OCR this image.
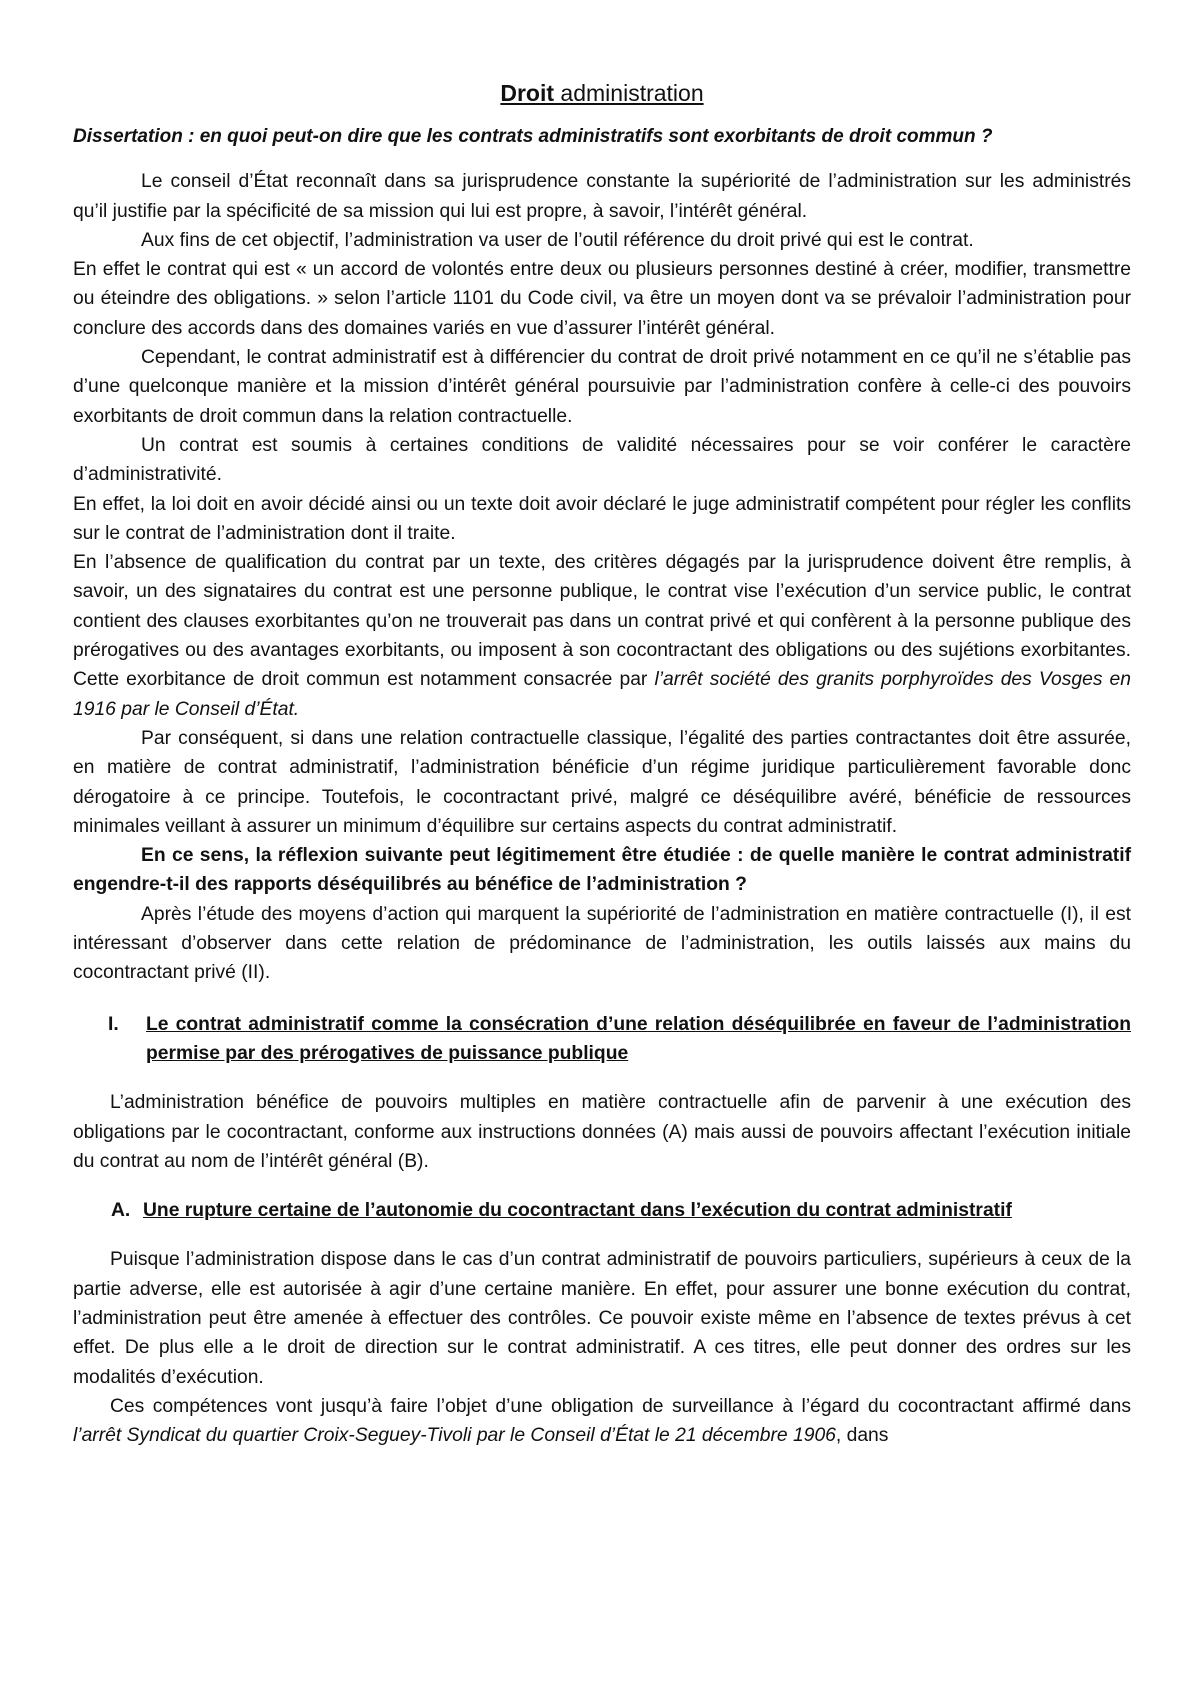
Droit administration

Dissertation : en quoi peut-on dire que les contrats administratifs sont exorbitants de droit commun ?

Le conseil d’État reconnaît dans sa jurisprudence constante la supériorité de l’administration sur les administrés qu’il justifie par la spécificité de sa mission qui lui est propre, à savoir, l’intérêt général.

Aux fins de cet objectif, l’administration va user de l’outil référence du droit privé qui est le contrat.

En effet le contrat qui est « un accord de volontés entre deux ou plusieurs personnes destiné à créer, modifier, transmettre ou éteindre des obligations. » selon l’article 1101 du Code civil, va être un moyen dont va se prévaloir l’administration pour conclure des accords dans des domaines variés en vue d’assurer l’intérêt général.

Cependant, le contrat administratif est à différencier du contrat de droit privé notamment en ce qu’il ne s’établie pas d’une quelconque manière et la mission d’intérêt général poursuivie par l’administration confère à celle-ci des pouvoirs exorbitants de droit commun dans la relation contractuelle.

Un contrat est soumis à certaines conditions de validité nécessaires pour se voir conférer le caractère d’administrativité.

En effet, la loi doit en avoir décidé ainsi ou un texte doit avoir déclaré le juge administratif compétent pour régler les conflits sur le contrat de l’administration dont il traite.

En l’absence de qualification du contrat par un texte, des critères dégagés par la jurisprudence doivent être remplis, à savoir, un des signataires du contrat est une personne publique, le contrat vise l’exécution d’un service public, le contrat contient des clauses exorbitantes qu’on ne trouverait pas dans un contrat privé et qui confèrent à la personne publique des prérogatives ou des avantages exorbitants, ou imposent à son cocontractant des obligations ou des sujétions exorbitantes. Cette exorbitance de droit commun est notamment consacrée par l’arrêt société des granits porphyroïdes des Vosges en 1916 par le Conseil d’État.

Par conséquent, si dans une relation contractuelle classique, l’égalité des parties contractantes doit être assurée, en matière de contrat administratif, l’administration bénéficie d’un régime juridique particulièrement favorable donc dérogatoire à ce principe. Toutefois, le cocontractant privé, malgré ce déséquilibre avéré, bénéficie de ressources minimales veillant à assurer un minimum d’équilibre sur certains aspects du contrat administratif.

En ce sens, la réflexion suivante peut légitimement être étudiée : de quelle manière le contrat administratif engendre-t-il des rapports déséquilibrés au bénéfice de l’administration ?

Après l’étude des moyens d’action qui marquent la supériorité de l’administration en matière contractuelle (I), il est intéressant d’observer dans cette relation de prédominance de l’administration, les outils laissés aux mains du cocontractant privé (II).

I.	Le contrat administratif comme la consécration d’une relation déséquilibrée en faveur de l’administration permise par des prérogatives de puissance publique

L’administration bénéfice de pouvoirs multiples en matière contractuelle afin de parvenir à une exécution des obligations par le cocontractant, conforme aux instructions données (A) mais aussi de pouvoirs affectant l’exécution initiale du contrat au nom de l’intérêt général (B).

A. Une rupture certaine de l’autonomie du cocontractant dans l’exécution du contrat administratif

Puisque l’administration dispose dans le cas d’un contrat administratif de pouvoirs particuliers, supérieurs à ceux de la partie adverse, elle est autorisée à agir d’une certaine manière. En effet, pour assurer une bonne exécution du contrat, l’administration peut être amenée à effectuer des contrôles. Ce pouvoir existe même en l’absence de textes prévus à cet effet. De plus elle a le droit de direction sur le contrat administratif. A ces titres, elle peut donner des ordres sur les modalités d’exécution.

Ces compétences vont jusqu’à faire l’objet d’une obligation de surveillance à l’égard du cocontractant affirmé dans l’arrêt Syndicat du quartier Croix-Seguey-Tivoli par le Conseil d’État le 21 décembre 1906, dans
